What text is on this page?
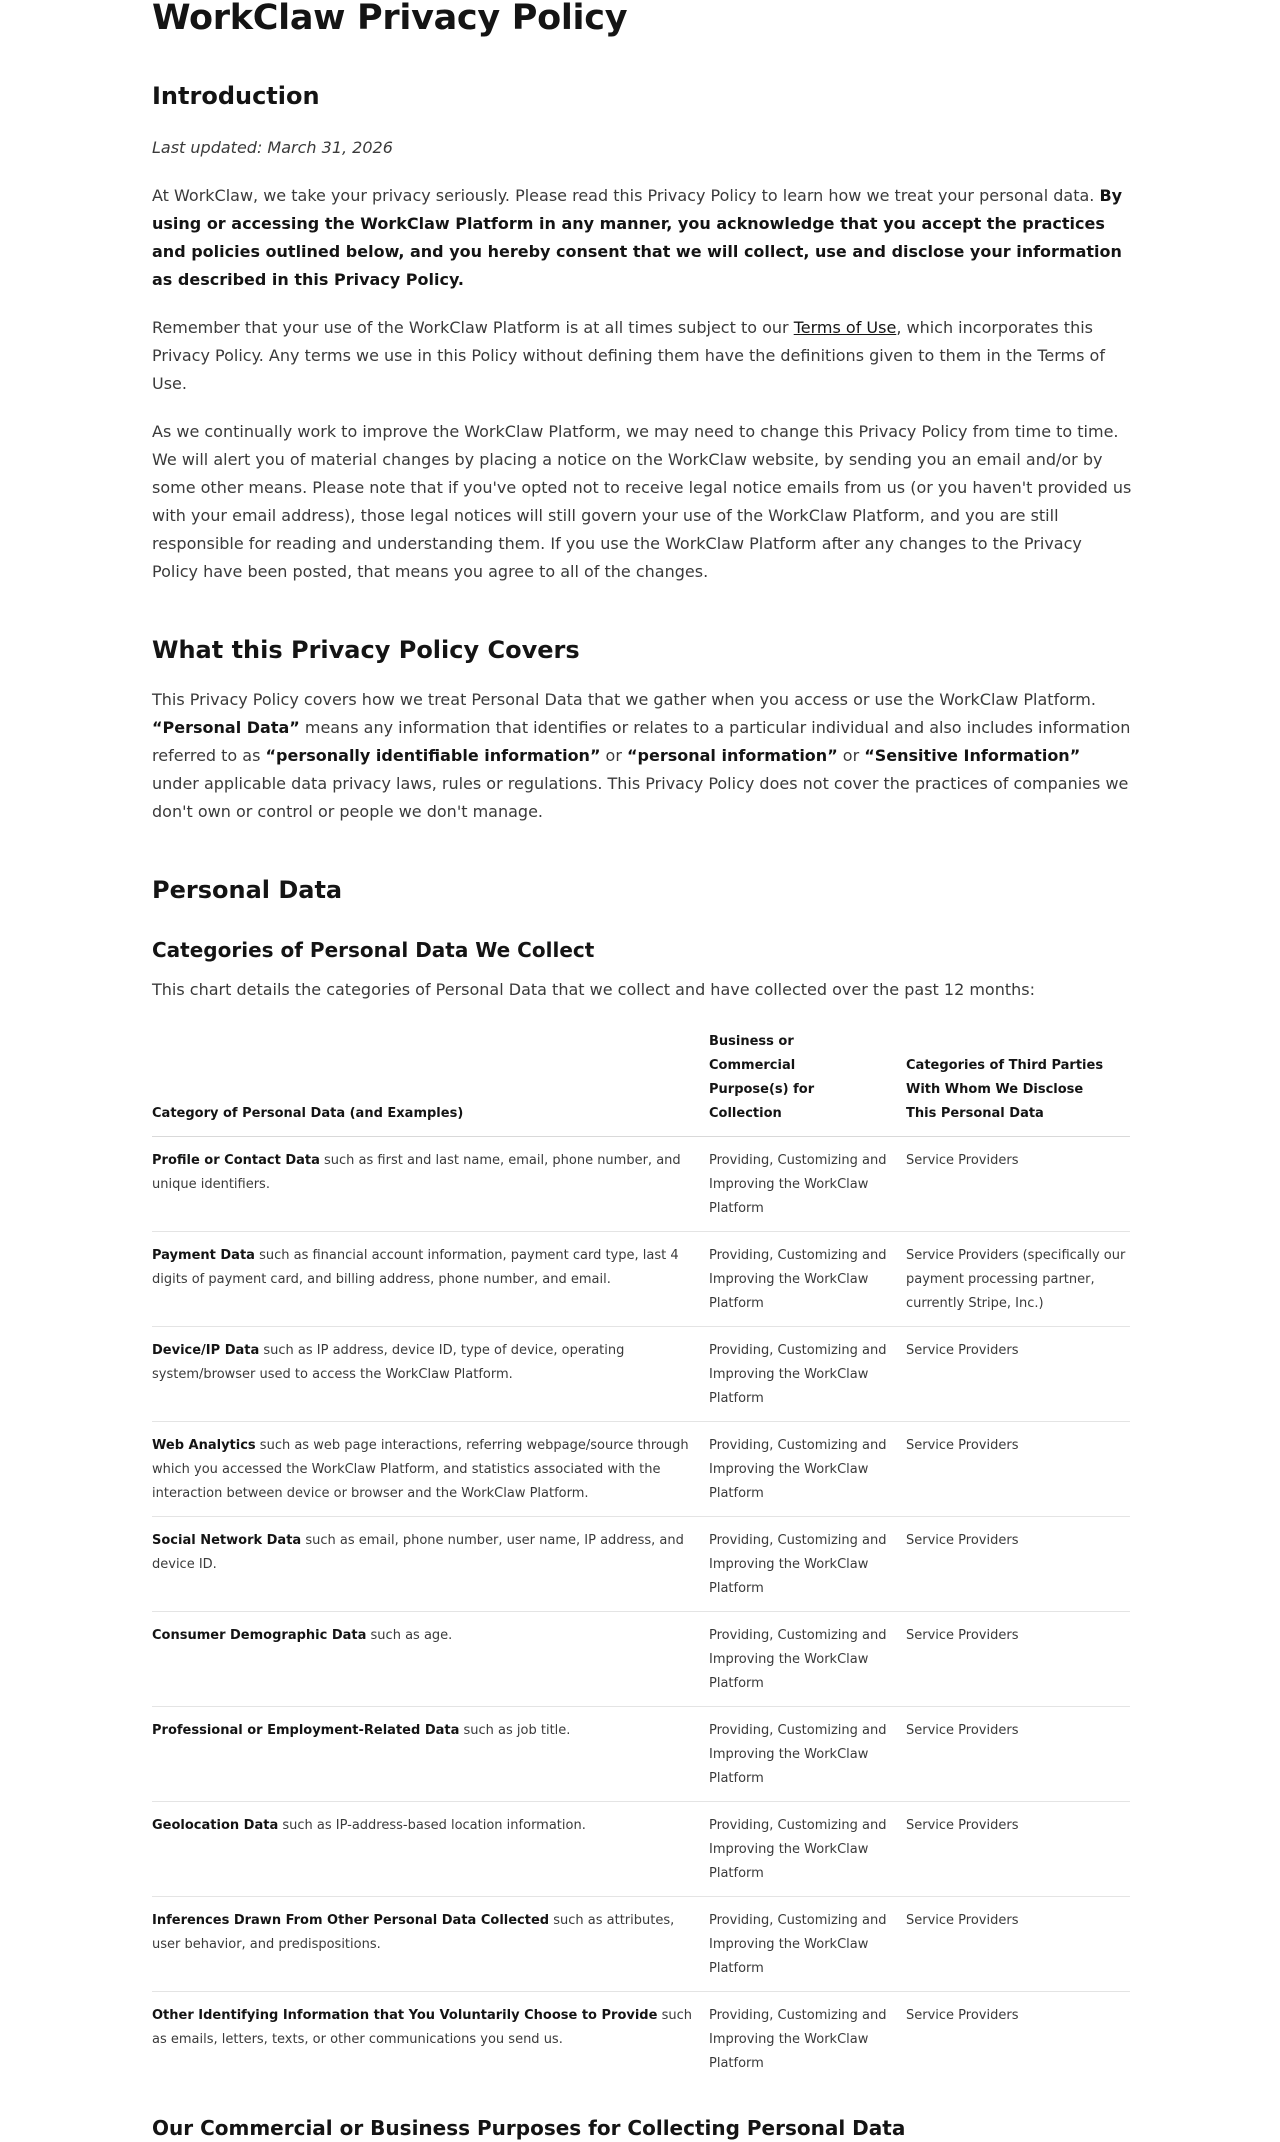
WorkClaw Privacy Policy
Introduction

Last updated: March 31, 2026

At WorkClaw, we take your privacy seriously. Please read this Privacy Policy to learn how we treat your personal data. By using or accessing the WorkClaw Platform in any manner, you acknowledge that you accept the practices and policies outlined below, and you hereby consent that we will collect, use and disclose your information as described in this Privacy Policy.

Remember that your use of the WorkClaw Platform is at all times subject to our Terms of Use, which incorporates this Privacy Policy. Any terms we use in this Policy without defining them have the definitions given to them in the Terms of Use.

As we continually work to improve the WorkClaw Platform, we may need to change this Privacy Policy from time to time. We will alert you of material changes by placing a notice on the WorkClaw website, by sending you an email and/or by some other means. Please note that if you've opted not to receive legal notice emails from us (or you haven't provided us with your email address), those legal notices will still govern your use of the WorkClaw Platform, and you are still responsible for reading and understanding them. If you use the WorkClaw Platform after any changes to the Privacy Policy have been posted, that means you agree to all of the changes.

What this Privacy Policy Covers

This Privacy Policy covers how we treat Personal Data that we gather when you access or use the WorkClaw Platform. “Personal Data” means any information that identifies or relates to a particular individual and also includes information referred to as “personally identifiable information” or “personal information” or “Sensitive Information” under applicable data privacy laws, rules or regulations. This Privacy Policy does not cover the practices of companies we don't own or control or people we don't manage.

Personal Data
Categories of Personal Data We Collect

This chart details the categories of Personal Data that we collect and have collected over the past 12 months:

Category of Personal Data (and Examples)	Business or Commercial Purpose(s) for Collection	Categories of Third Parties With Whom We Disclose This Personal Data

Profile or Contact Data such as first and last name, email, phone number, and unique identifiers.	Providing, Customizing and Improving the WorkClaw Platform	Service Providers

Payment Data such as financial account information, payment card type, last 4 digits of payment card, and billing address, phone number, and email.	Providing, Customizing and Improving the WorkClaw Platform	Service Providers (specifically our payment processing partner, currently Stripe, Inc.)

Device/IP Data such as IP address, device ID, type of device, operating system/browser used to access the WorkClaw Platform.	Providing, Customizing and Improving the WorkClaw Platform	Service Providers

Web Analytics such as web page interactions, referring webpage/source through which you accessed the WorkClaw Platform, and statistics associated with the interaction between device or browser and the WorkClaw Platform.	Providing, Customizing and Improving the WorkClaw Platform	Service Providers

Social Network Data such as email, phone number, user name, IP address, and device ID.	Providing, Customizing and Improving the WorkClaw Platform	Service Providers

Consumer Demographic Data such as age.	Providing, Customizing and Improving the WorkClaw Platform	Service Providers

Professional or Employment-Related Data such as job title.	Providing, Customizing and Improving the WorkClaw Platform	Service Providers

Geolocation Data such as IP-address-based location information.	Providing, Customizing and Improving the WorkClaw Platform	Service Providers

Inferences Drawn From Other Personal Data Collected such as attributes, user behavior, and predispositions.	Providing, Customizing and Improving the WorkClaw Platform	Service Providers

Other Identifying Information that You Voluntarily Choose to Provide such as emails, letters, texts, or other communications you send us.	Providing, Customizing and Improving the WorkClaw Platform	Service Providers
Our Commercial or Business Purposes for Collecting Personal Data
